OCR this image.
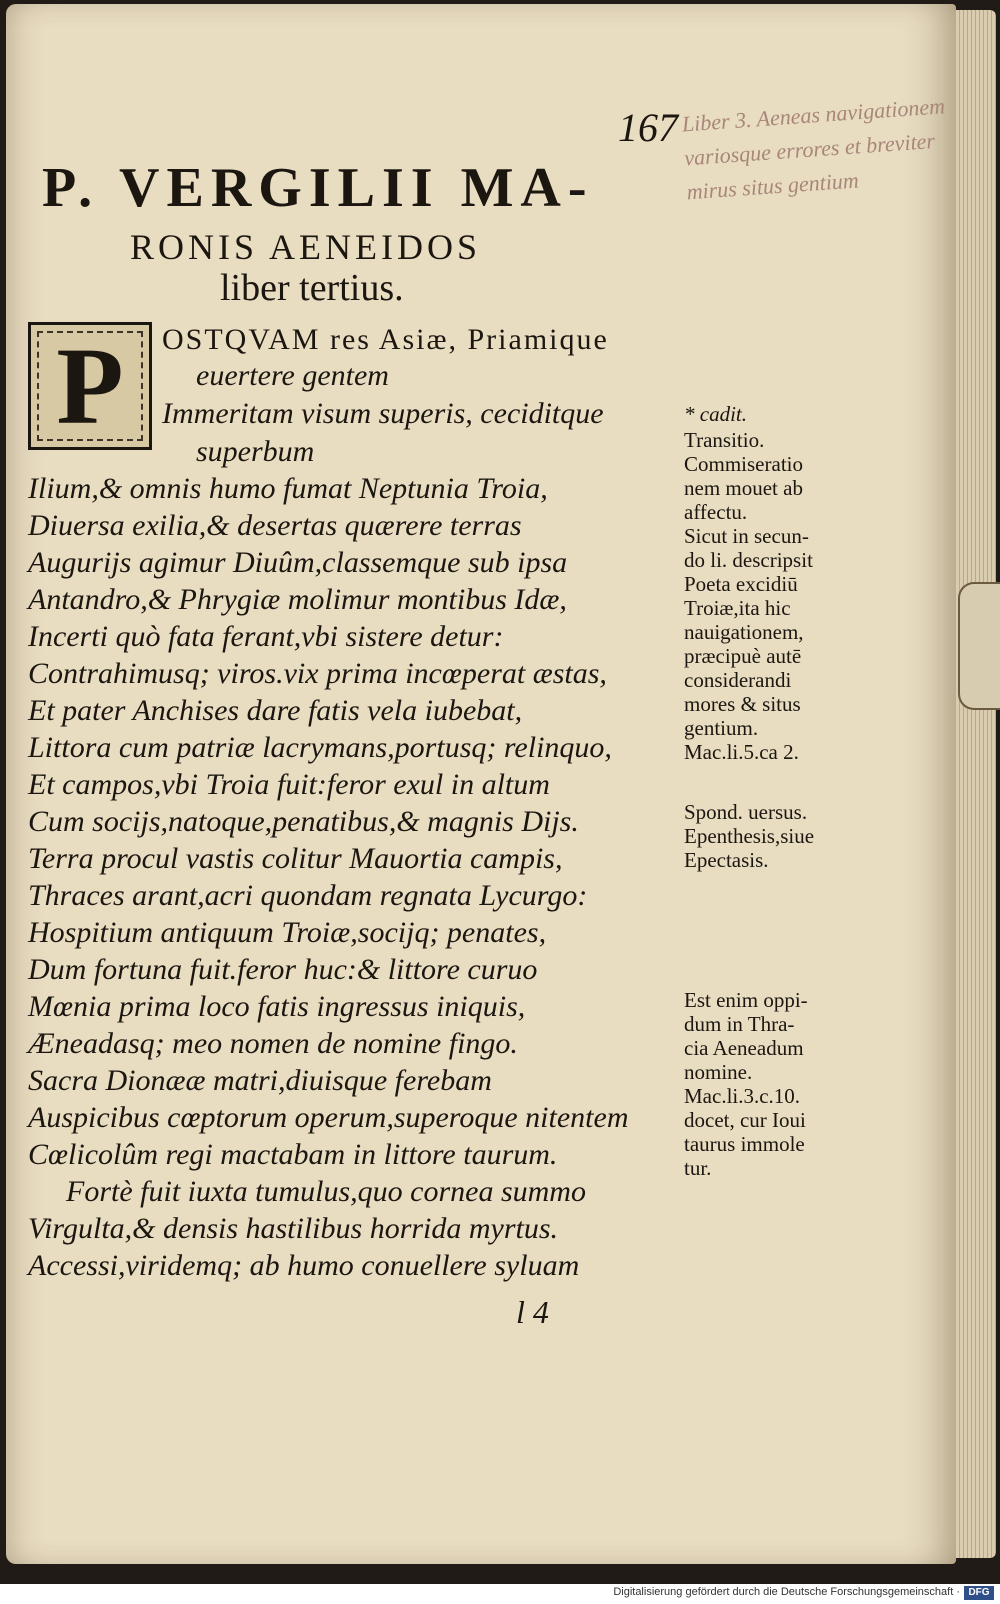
Liber 3. Aeneas navigationem variosque errores et breviter mirus situs gentium
167
P. VERGILII MA-
RONIS AENEIDOS
liber tertius.
P	OSTQVAM res Asiæ, Priamique
euertere gentem
Immeritam visum superis, ceciditque
superbum
Ilium,& omnis humo fumat Neptunia Troia,
Diuersa exilia,& desertas quærere terras
Augurijs agimur Diuûm,classemque sub ipsa
Antandro,& Phrygiæ molimur montibus Idæ,
Incerti quò fata ferant,vbi sistere detur:
Contrahimusq; viros.vix prima incœperat æstas,
Et pater Anchises dare fatis vela iubebat,
Littora cum patriæ lacrymans,portusq; relinquo,
Et campos,vbi Troia fuit:feror exul in altum
Cum socijs,natoque,penatibus,& magnis Dijs.
Terra procul vastis colitur Mauortia campis,
Thraces arant,acri quondam regnata Lycurgo:
Hospitium antiquum Troiæ,socijq; penates,
Dum fortuna fuit.feror huc:& littore curuo
Mœnia prima loco fatis ingressus iniquis,
Æneadasq; meo nomen de nomine fingo.
Sacra Dionææ matri,diuisque ferebam
Auspicibus cœptorum operum,superoque nitentem
Cœlicolûm regi mactabam in littore taurum.
Fortè fuit iuxta tumulus,quo cornea summo
Virgulta,& densis hastilibus horrida myrtus.
Accessi,viridemq; ab humo conuellere syluam
* cadit.
Transitio.
Commiseratio
nem mouet ab
affectu.
Sicut in secun-
do li. descripsit
Poeta excidiū
Troiæ,ita hic
nauigationem,
præcipuè autē
considerandi
mores & situs
gentium.
Mac.li.5.ca 2.
Spond. uersus.
Epenthesis,siue
Epectasis.
Est enim oppi-
dum in Thra-
cia Aeneadum
nomine.
Mac.li.3.c.10.
docet, cur Ioui
taurus immole
tur.
l 4
Digitalisierung gefördert durch die Deutsche Forschungsgemeinschaft · DFG
